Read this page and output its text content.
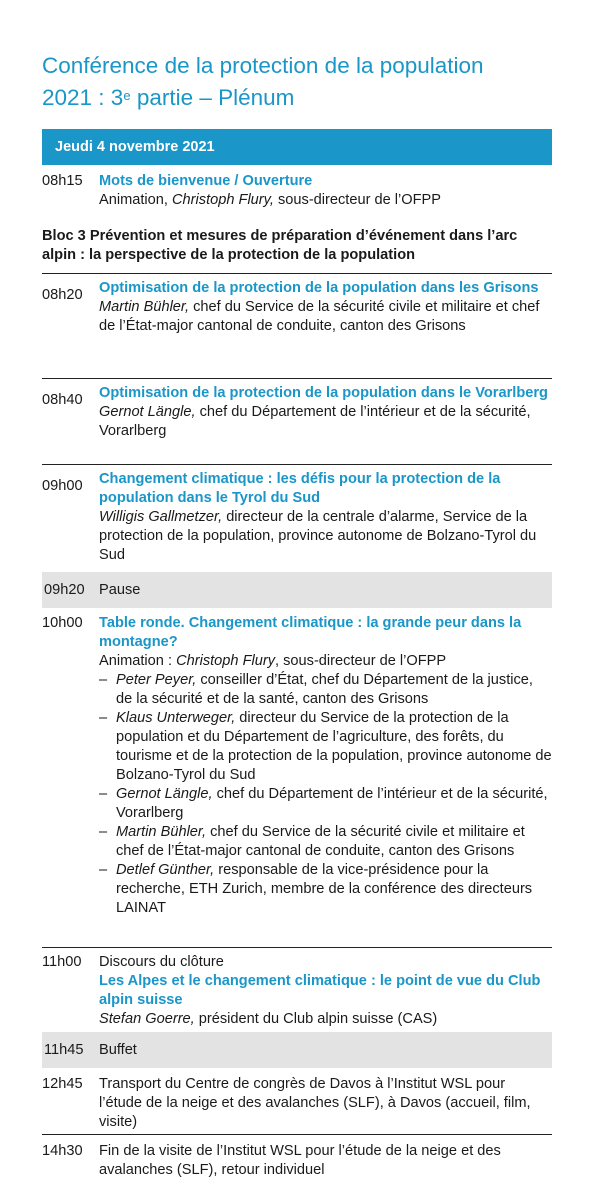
Conférence de la protection de la population
2021 : 3e partie – Plénum
Jeudi 4 novembre 2021
08h15	Mots de bienvenue / Ouverture
Animation, Christoph Flury, sous-directeur de l’OFPP
Bloc 3 Prévention et mesures de préparation d’événement dans l’arc alpin : la perspective de la protection de la population
08h20	Optimisation de la protection de la population dans les Grisons
Martin Bühler, chef du Service de la sécurité civile et militaire et chef de l’État-major cantonal de conduite, canton des Grisons
08h40	Optimisation de la protection de la population dans le Vorarlberg
Gernot Längle, chef du Département de l’intérieur et de la sécurité, Vorarlberg
09h00	Changement climatique : les défis pour la protection de la population dans le Tyrol du Sud
Willigis Gallmetzer, directeur de la centrale d’alarme, Service de la protection de la population, province autonome de Bolzano-Tyrol du Sud
09h20 Pause
10h00	Table ronde. Changement climatique : la grande peur dans la montagne?
Animation : Christoph Flury, sous-directeur de l’OFPP
– Peter Peyer, conseiller d’État, chef du Département de la justice, de la sécurité et de la santé, canton des Grisons
– Klaus Unterweger, directeur du Service de la protection de la population et du Département de l’agriculture, des forêts, du tourisme et de la protection de la population, province autonome de Bolzano-Tyrol du Sud
– Gernot Längle, chef du Département de l’intérieur et de la sécurité, Vorarlberg
– Martin Bühler, chef du Service de la sécurité civile et militaire et chef de l’État-major cantonal de conduite, canton des Grisons
– Detlef Günther, responsable de la vice-présidence pour la recherche, ETH Zurich, membre de la conférence des directeurs LAINAT
11h00	Discours du clôture
Les Alpes et le changement climatique : le point de vue du Club alpin suisse
Stefan Goerre, président du Club alpin suisse (CAS)
11h45	Buffet
12h45	Transport du Centre de congrès de Davos à l’Institut WSL pour l’étude de la neige et des avalanches (SLF), à Davos (accueil, film, visite)
14h30	Fin de la visite de l’Institut WSL pour l’étude de la neige et des avalanches (SLF), retour individuel
